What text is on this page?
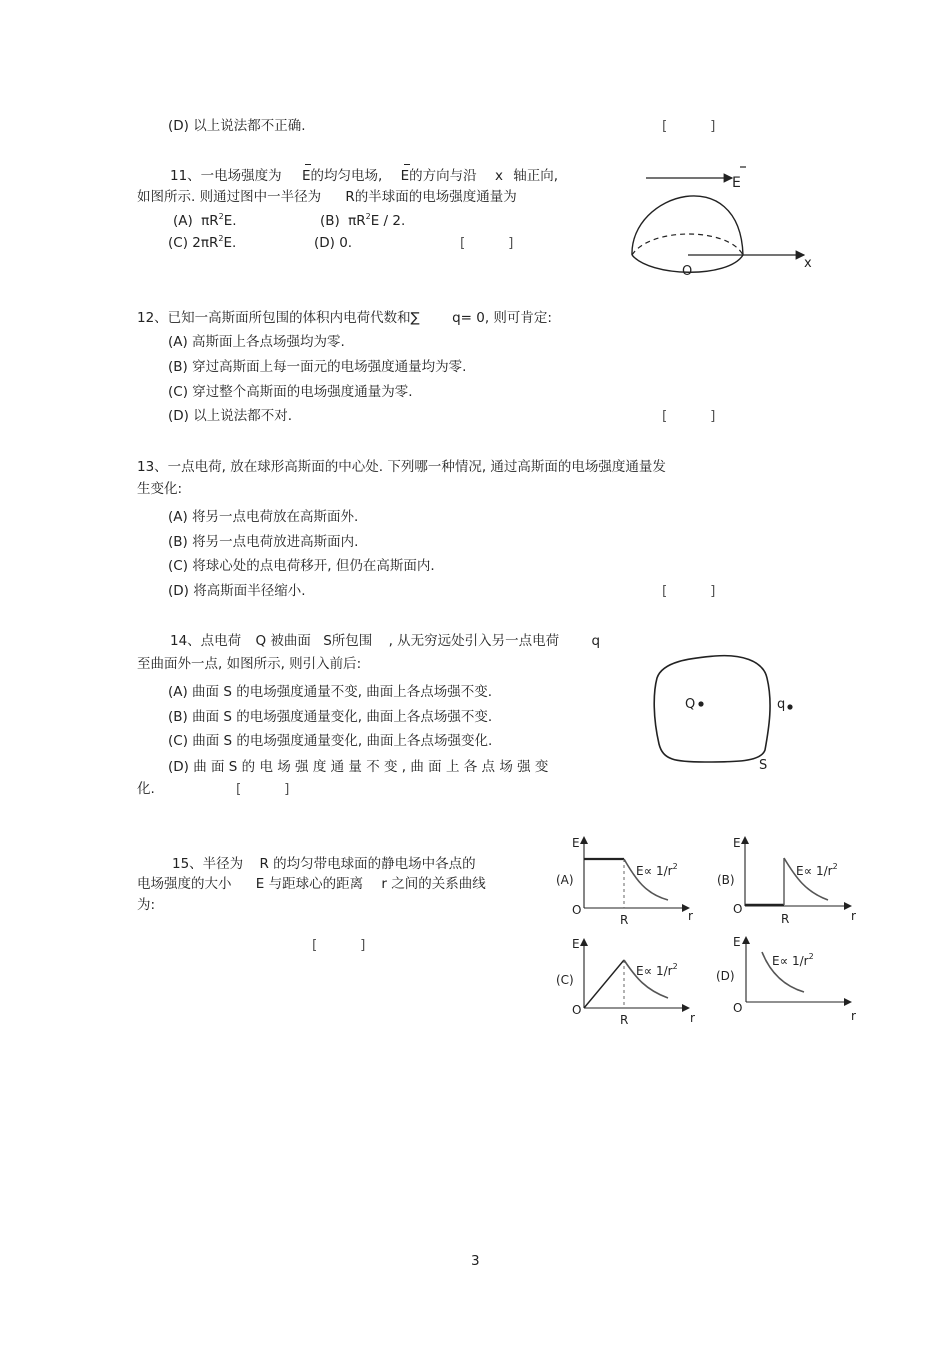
(D) 以上说法都不正确.	[          ]
11、一电场强度为 E的均匀电场, E的方向与沿 x 轴正向,
如图所示. 则通过图中一半径为 R的半球面的电场强度通量为
(A) $\pi R^2E$.	(B) $\pi R^2E / 2$.
(C) $2\pi R^2E$.	(D) 0.	[          ]
E
x
O
12、已知一高斯面所包围的体积内电荷代数和∑ q= 0, 则可肯定:
(A) 高斯面上各点场强均为零.
(B) 穿过高斯面上每一面元的电场强度通量均为零.
(C) 穿过整个高斯面的电场强度通量为零.
(D) 以上说法都不对.	[          ]
13、一点电荷, 放在球形高斯面的中心处. 下列哪一种情况, 通过高斯面的电场强度通量发
生变化:
(A) 将另一点电荷放在高斯面外.
(B) 将另一点电荷放进高斯面内.
(C) 将球心处的点电荷移开, 但仍在高斯面内.
(D) 将高斯面半径缩小.	[          ]
14、点电荷 Q 被曲面 S所包围 , 从无穷远处引入另一点电荷 q
至曲面外一点, 如图所示, 则引入前后:
(A) 曲面 S 的电场强度通量不变, 曲面上各点场强不变.
(B) 曲面 S 的电场强度通量变化, 曲面上各点场强不变.
(C) 曲面 S 的电场强度通量变化, 曲面上各点场强变化.
(D) 曲 面 S 的 电 场 强 度 通 量 不 变 , 曲 面 上 各 点 场 强 变
化.	[          ]
Q	q
S
15、半径为 R 的均匀带电球面的静电场中各点的
电场强度的大小 E 与距球心的距离 r 之间的关系曲线
为:
[          ]
E
O	r
R
(A)
$E\propto 1/r^2$
E
O	r
R
(B)
$E\propto 1/r^2$
E
O
r
R
(C)
$E\propto 1/r^2$
E
O
r
(D)
$E\propto 1/r^2$
3
